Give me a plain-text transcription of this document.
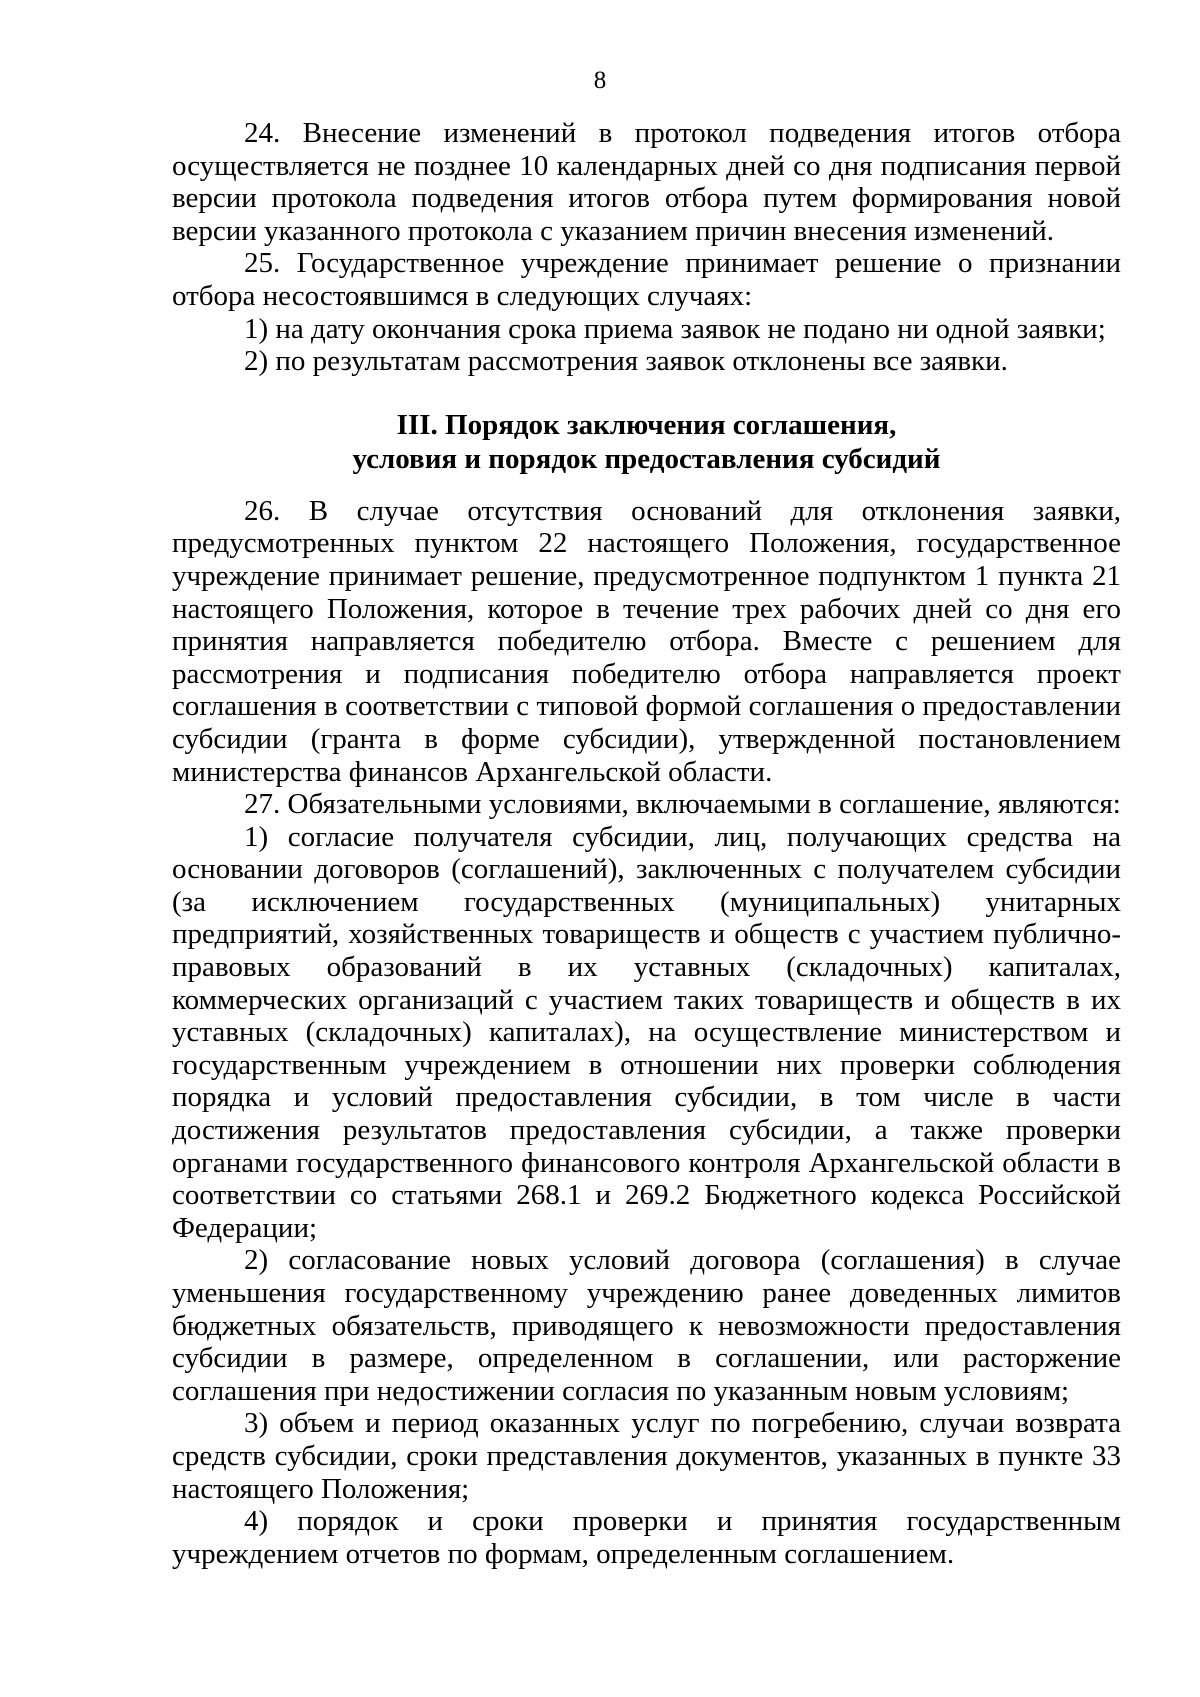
8

24. Внесение изменений в протокол подведения итогов отбора осуществляется не позднее 10 календарных дней со дня подписания первой версии протокола подведения итогов отбора путем формирования новой версии указанного протокола с указанием причин внесения изменений.

25. Государственное учреждение принимает решение о признании отбора несостоявшимся в следующих случаях:

1) на дату окончания срока приема заявок не подано ни одной заявки;

2) по результатам рассмотрения заявок отклонены все заявки.

III. Порядок заключения соглашения,
условия и порядок предоставления субсидий

26. В случае отсутствия оснований для отклонения заявки, предусмотренных пунктом 22 настоящего Положения, государственное учреждение принимает решение, предусмотренное подпунктом 1 пункта 21 настоящего Положения, которое в течение трех рабочих дней со дня его принятия направляется победителю отбора. Вместе с решением для рассмотрения и подписания победителю отбора направляется проект соглашения в соответствии с типовой формой соглашения о предоставлении субсидии (гранта в форме субсидии), утвержденной постановлением министерства финансов Архангельской области.

27. Обязательными условиями, включаемыми в соглашение, являются:

1) согласие получателя субсидии, лиц, получающих средства на основании договоров (соглашений), заключенных с получателем субсидии (за исключением государственных (муниципальных) унитарных предприятий, хозяйственных товариществ и обществ с участием публично-правовых образований в их уставных (складочных) капиталах, коммерческих организаций с участием таких товариществ и обществ в их уставных (складочных) капиталах), на осуществление министерством и государственным учреждением в отношении них проверки соблюдения порядка и условий предоставления субсидии, в том числе в части достижения результатов предоставления субсидии, а также проверки органами государственного финансового контроля Архангельской области в соответствии со статьями 268.1 и 269.2 Бюджетного кодекса Российской Федерации;

2) согласование новых условий договора (соглашения) в случае уменьшения государственному учреждению ранее доведенных лимитов бюджетных обязательств, приводящего к невозможности предоставления субсидии в размере, определенном в соглашении, или расторжение соглашения при недостижении согласия по указанным новым условиям;

3) объем и период оказанных услуг по погребению, случаи возврата средств субсидии, сроки представления документов, указанных в пункте 33 настоящего Положения;

4) порядок и сроки проверки и принятия государственным учреждением отчетов по формам, определенным соглашением.
